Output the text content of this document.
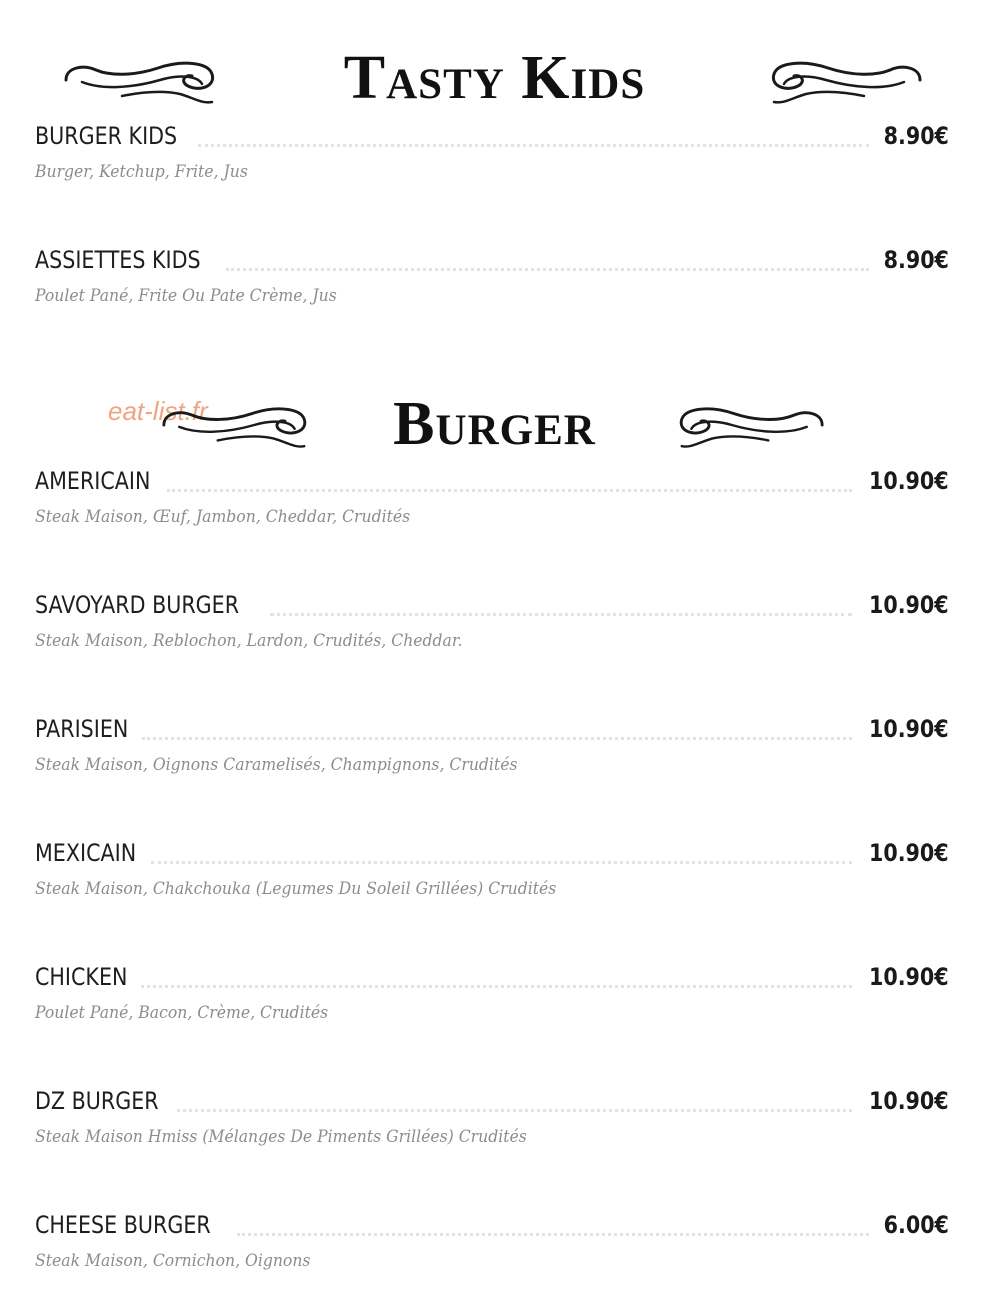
Tasty Kids
BURGER KIDS	8.90€
Burger, Ketchup, Frite, Jus
ASSIETTES KIDS	8.90€
Poulet Pané, Frite Ou Pate Crème, Jus
eat-list.fr	Burger
AMERICAIN	10.90€
Steak Maison, Œuf, Jambon, Cheddar, Crudités
SAVOYARD BURGER	10.90€
Steak Maison, Reblochon, Lardon, Crudités, Cheddar.
PARISIEN	10.90€
Steak Maison, Oignons Caramelisés, Champignons, Crudités
MEXICAIN	10.90€
Steak Maison, Chakchouka (Legumes Du Soleil Grillées) Crudités
CHICKEN	10.90€
Poulet Pané, Bacon, Crème, Crudités
DZ BURGER	10.90€
Steak Maison Hmiss (Mélanges De Piments Grillées) Crudités
CHEESE BURGER	6.00€
Steak Maison, Cornichon, Oignons
